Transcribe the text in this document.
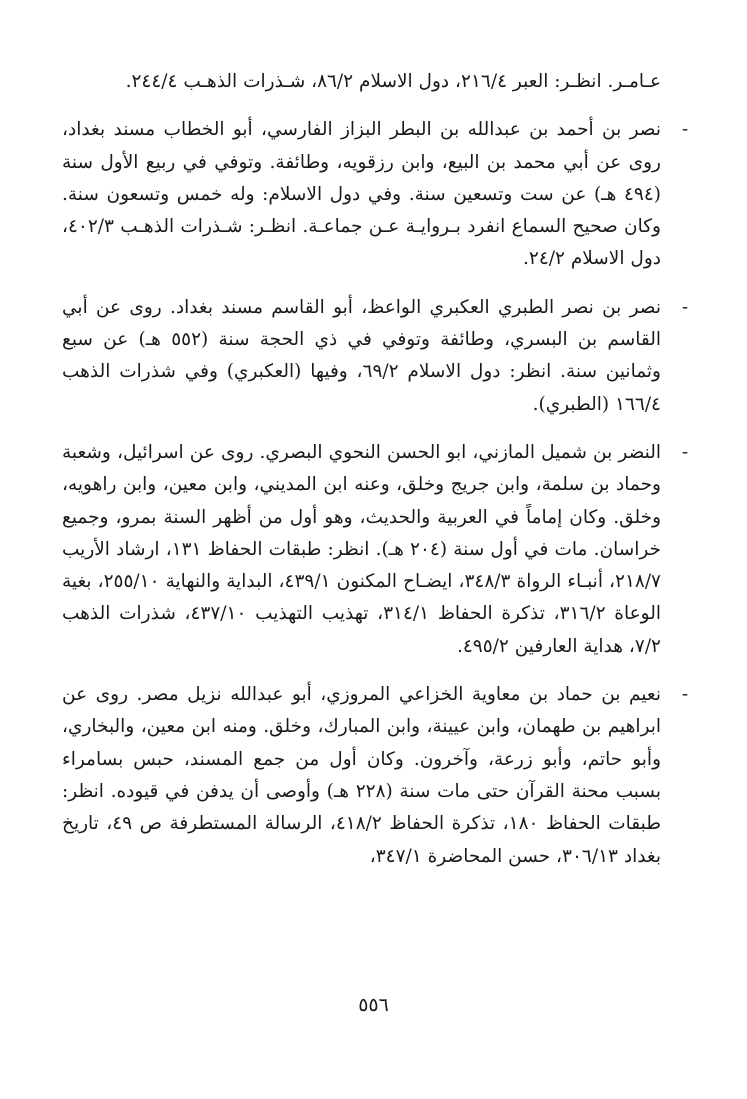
عـامـر. انظـر: العبر ٢١٦/٤، دول الاسلام ٨٦/٢، شـذرات الذهـب ٢٤٤/٤.

-
نصر بن أحمد بن عبدالله بن البطر البزاز الفارسي، أبو الخطاب مسند بغداد، روى عن أبي محمد بن البيع، وابن رزقويه، وطائفة. وتوفي في ربيع الأول سنة (٤٩٤ هـ) عن ست وتسعين سنة. وفي دول الاسلام: وله خمس وتسعون سنة. وكان صحيح السماع انفرد بـروايـة عـن جماعـة. انظـر: شـذرات الذهـب ٤٠٢/٣، دول الاسلام ٢٤/٢.

-
نصر بن نصر الطبري العكبري الواعظ، أبو القاسم مسند بغداد. روى عن أبي القاسم بن البسري، وطائفة وتوفي في ذي الحجة سنة (٥٥٢ هـ) عن سبع وثمانين سنة. انظر: دول الاسلام ٦٩/٢، وفيها (العكبري) وفي شذرات الذهب ١٦٦/٤ (الطبري).

-
النضر بن شميل المازني، ابو الحسن النحوي البصري. روى عن اسرائيل، وشعبة وحماد بن سلمة، وابن جريج وخلق، وعنه ابن المديني، وابن معين، وابن راهويه، وخلق. وكان إماماً في العربية والحديث، وهو أول من أظهر السنة بمرو، وجميع خراسان. مات في أول سنة (٢٠٤ هـ). انظر: طبقات الحفاظ ١٣١، ارشاد الأريب ٢١٨/٧، أنبـاء الرواة ٣٤٨/٣، ايضـاح المكنون ٤٣٩/١، البداية والنهاية ٢٥٥/١٠، بغية الوعاة ٣١٦/٢، تذكرة الحفاظ ٣١٤/١، تهذيب التهذيب ٤٣٧/١٠، شذرات الذهب ٧/٢، هداية العارفين ٤٩٥/٢.

-
نعيم بن حماد بن معاوية الخزاعي المروزي، أبو عبدالله نزيل مصر. روى عن ابراهيم بن طهمان، وابن عيينة، وابن المبارك، وخلق. ومنه ابن معين، والبخاري، وأبو حاتم، وأبو زرعة، وآخرون. وكان أول من جمع المسند، حبس بسامراء بسبب محنة القرآن حتى مات سنة (٢٢٨ هـ) وأوصى أن يدفن في قيوده. انظر: طبقات الحفاظ ١٨٠، تذكرة الحفاظ ٤١٨/٢، الرسالة المستطرفة ص ٤٩، تاريخ بغداد ٣٠٦/١٣، حسن المحاضرة ٣٤٧/١،

٥٥٦
